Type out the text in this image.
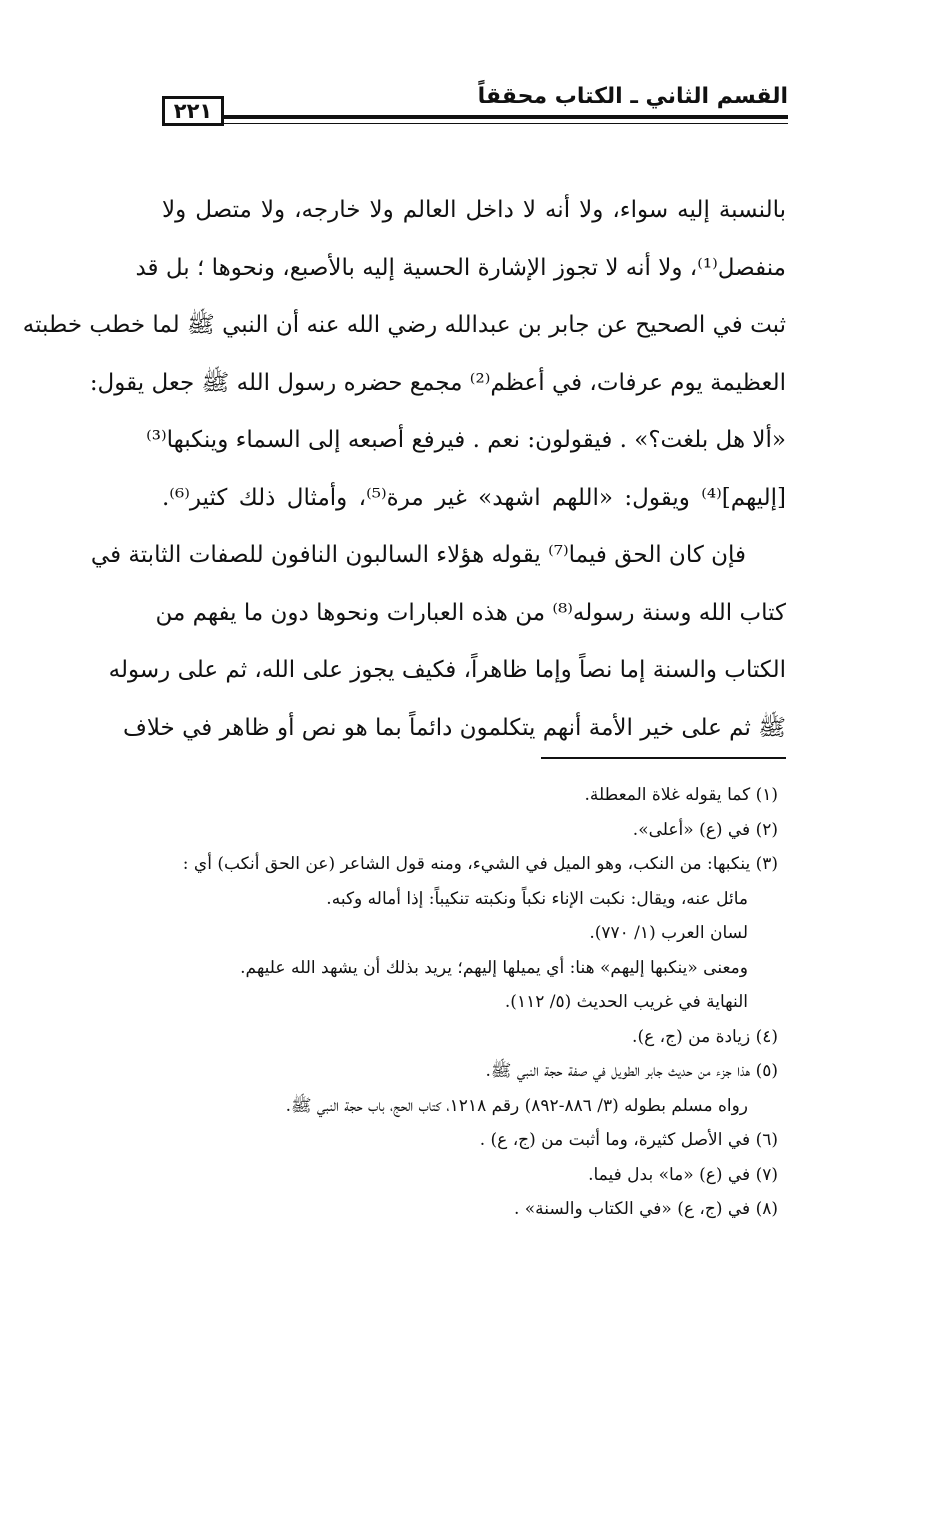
القسم الثاني ـ الكتاب محققاً
٢٢١
بالنسبة إليه سواء، ولا أنه لا داخل العالم ولا خارجه، ولا متصل ولا
منفصل⁽¹⁾، ولا أنه لا تجوز الإشارة الحسية إليه بالأصبع، ونحوها ؛ بل قد
ثبت في الصحيح عن جابر بن عبدالله رضي الله عنه أن النبي ﷺ لما خطب خطبته
العظيمة يوم عرفات، في أعظم⁽²⁾ مجمع حضره رسول الله ﷺ جعل يقول:
«ألا هل بلغت؟» . فيقولون: نعم . فيرفع أصبعه إلى السماء وينكبها⁽³⁾
[إليهم]⁽⁴⁾ ويقول: «اللهم اشهد» غير مرة⁽⁵⁾، وأمثال ذلك كثير⁽⁶⁾.
فإن كان الحق فيما⁽⁷⁾ يقوله هؤلاء السالبون النافون للصفات الثابتة في
كتاب الله وسنة رسوله⁽⁸⁾ من هذه العبارات ونحوها دون ما يفهم من
الكتاب والسنة إما نصاً وإما ظاهراً، فكيف يجوز على الله، ثم على رسوله
ﷺ ثم على خير الأمة أنهم يتكلمون دائماً بما هو نص أو ظاهر في خلاف
(١) كما يقوله غلاة المعطلة.
(٢) في (ع) «أعلى».
(٣) ينكبها: من النكب، وهو الميل في الشيء، ومنه قول الشاعر (عن الحق أنكب) أي :
مائل عنه، ويقال: نكبت الإناء نكباً ونكبته تنكيباً: إذا أماله وكبه.
لسان العرب (١/ ٧٧٠).
ومعنى «ينكبها إليهم» هنا: أي يميلها إليهم؛ يريد بذلك أن يشهد الله عليهم.
النهاية في غريب الحديث (٥/ ١١٢).
(٤) زيادة من (ج، ع).
(٥) هذا جزء من حديث جابر الطويل في صفة حجة النبي ﷺ.
رواه مسلم بطوله (٣/ ٨٨٦-٨٩٢) رقم ١٢١٨، كتاب الحج، باب حجة النبي ﷺ.
(٦) في الأصل كثيرة، وما أثبت من (ج، ع) .
(٧) في (ع) «ما» بدل فيما.
(٨) في (ج، ع) «في الكتاب والسنة» .
